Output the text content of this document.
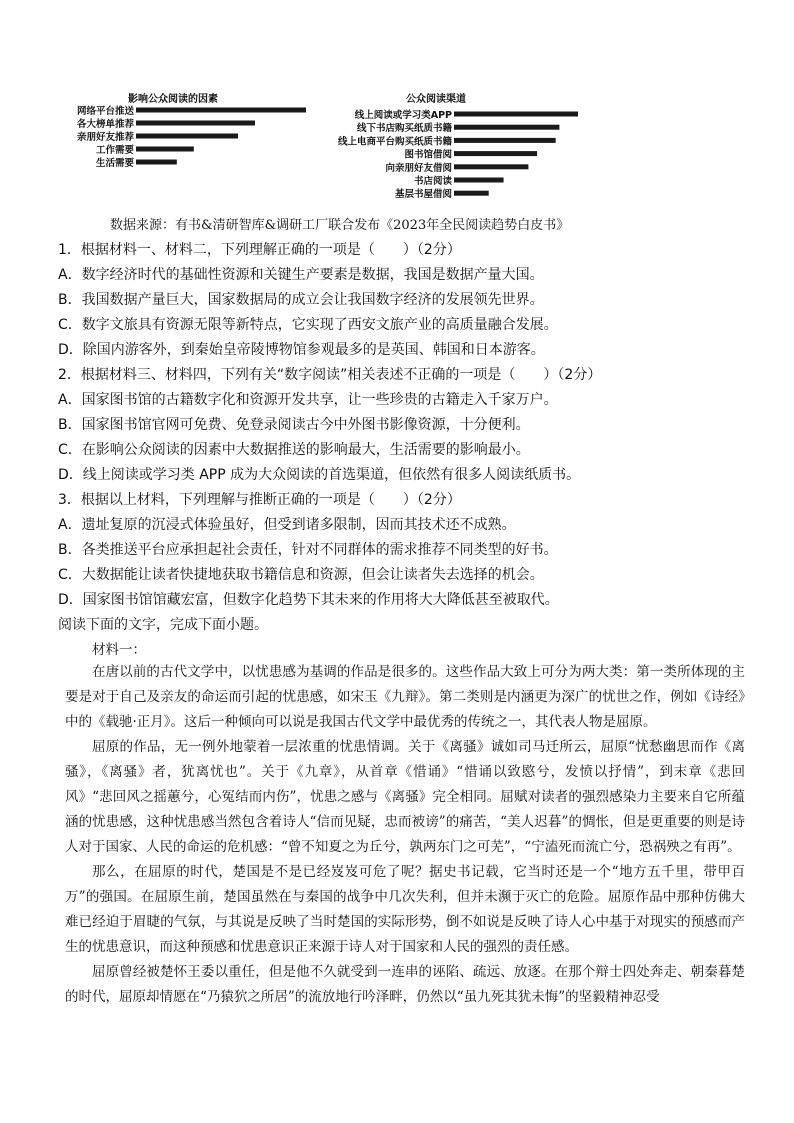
影响公众阅读的因素
网络平台推送
各大榜单推荐
亲朋好友推荐
工作需要
生活需要
公众阅读渠道
线上阅读或学习类APP
线下书店购买纸质书籍
线上电商平台购买纸质书籍
图书馆借阅
向亲朋好友借阅
书店阅读
基层书屋借阅
数据来源：有书&清研智库&调研工厂联合发布《2023年全民阅读趋势白皮书》

1．根据材料一、材料二，下列理解正确的一项是（　　）（2分）

A．数字经济时代的基础性资源和关键生产要素是数据，我国是数据产量大国。

B．我国数据产量巨大，国家数据局的成立会让我国数字经济的发展领先世界。

C．数字文旅具有资源无限等新特点，它实现了西安文旅产业的高质量融合发展。

D．除国内游客外，到秦始皇帝陵博物馆参观最多的是英国、韩国和日本游客。

2．根据材料三、材料四，下列有关“数字阅读”相关表述不正确的一项是（　　）（2分）

A．国家图书馆的古籍数字化和资源开发共享，让一些珍贵的古籍走入千家万户。

B．国家图书馆官网可免费、免登录阅读古今中外图书影像资源，十分便利。

C．在影响公众阅读的因素中大数据推送的影响最大，生活需要的影响最小。

D．线上阅读或学习类 APP 成为大众阅读的首选渠道，但依然有很多人阅读纸质书。

3．根据以上材料，下列理解与推断正确的一项是（　　）（2分）

A．遗址复原的沉浸式体验虽好，但受到诸多限制，因而其技术还不成熟。

B．各类推送平台应承担起社会责任，针对不同群体的需求推荐不同类型的好书。

C．大数据能让读者快捷地获取书籍信息和资源，但会让读者失去选择的机会。

D．国家图书馆馆藏宏富，但数字化趋势下其未来的作用将大大降低甚至被取代。

阅读下面的文字，完成下面小题。

在唐以前的古代文学中，以忧患感为基调的作品是很多的。这些作品大致上可分为两大类：第一类所体现的主要是对于自己及亲友的命运而引起的忧患感，如宋玉《九辩》。第二类则是内涵更为深广的忧世之作，例如《诗经》中的《载驰·正月》。这后一种倾向可以说是我国古代文学中最优秀的传统之一，其代表人物是屈原。

屈原的作品，无一例外地蒙着一层浓重的忧患情调。关于《离骚》诚如司马迁所云，屈原“忧愁幽思而作《离骚》，《离骚》者，犹离忧也”。关于《九章》，从首章《惜诵》“惜诵以致愍兮，发愤以抒情”，到末章《悲回风》“悲回风之摇蕙兮，心冤结而内伤”，忧患之感与《离骚》完全相同。屈赋对读者的强烈感染力主要来自它所蕴涵的忧患感，这种忧患感当然包含着诗人“信而见疑，忠而被谤”的痛苦，“美人迟暮”的惆怅，但是更重要的则是诗人对于国家、人民的命运的危机感：“曾不知夏之为丘兮，孰两东门之可芜”，“宁溘死而流亡兮，恐祸殃之有再”。

那么，在屈原的时代，楚国是不是已经岌岌可危了呢？据史书记载，它当时还是一个“地方五千里，带甲百万”的强国。在屈原生前，楚国虽然在与秦国的战争中几次失利，但并未濒于灭亡的危险。屈原作品中那种仿佛大难已经迫于眉睫的气氛，与其说是反映了当时楚国的实际形势，倒不如说是反映了诗人心中基于对现实的预感而产生的忧患意识，而这种预感和忧患意识正来源于诗人对于国家和人民的强烈的责任感。

屈原曾经被楚怀王委以重任，但是他不久就受到一连串的诬陷、疏远、放逐。在那个辩士四处奔走、朝秦暮楚的时代，屈原却情愿在“乃猿狖之所居”的流放地行吟泽畔，仍然以“虽九死其犹未悔”的坚毅精神忍受

材料一：
